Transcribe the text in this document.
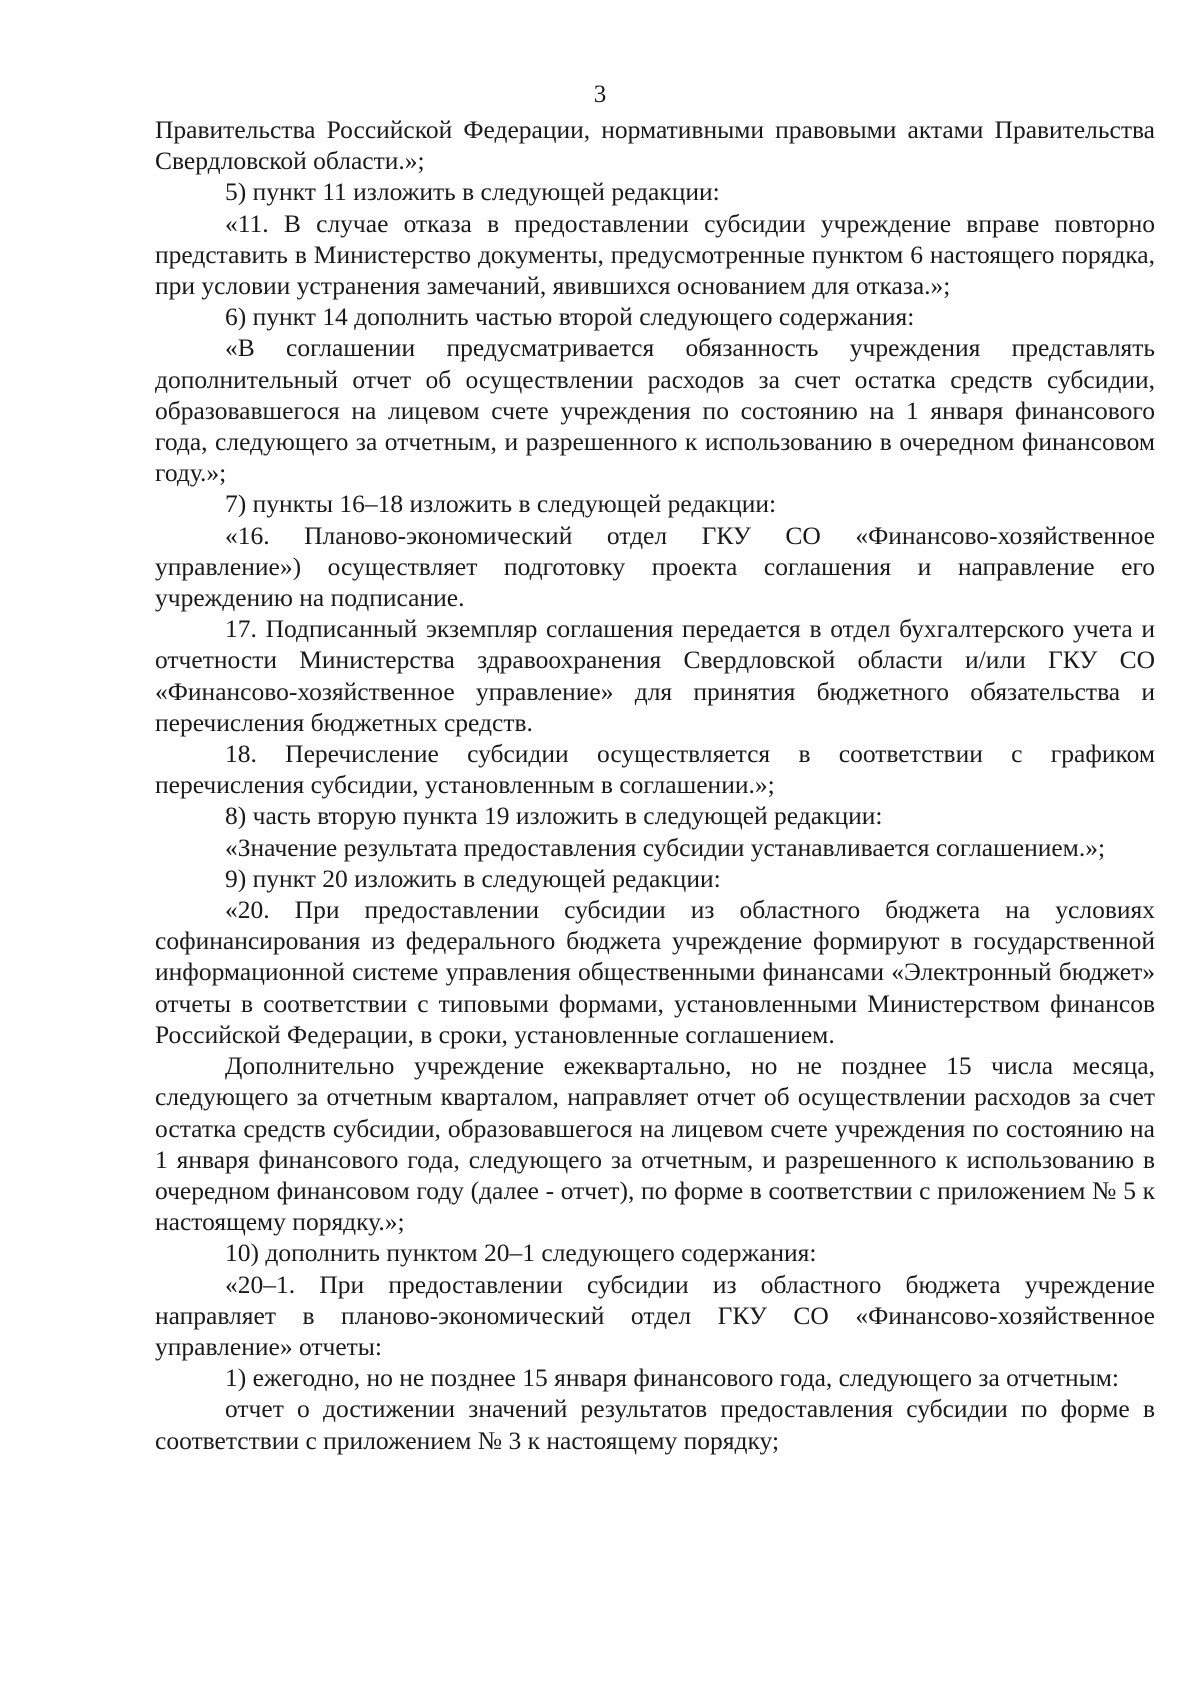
3

Правительства Российской Федерации, нормативными правовыми актами Правительства Свердловской области.»;

5) пункт 11 изложить в следующей редакции:

«11. В случае отказа в предоставлении субсидии учреждение вправе повторно представить в Министерство документы, предусмотренные пунктом 6 настоящего порядка, при условии устранения замечаний, явившихся основанием для отказа.»;

6) пункт 14 дополнить частью второй следующего содержания:

«В соглашении предусматривается обязанность учреждения представлять дополнительный отчет об осуществлении расходов за счет остатка средств субсидии, образовавшегося на лицевом счете учреждения по состоянию на 1 января финансового года, следующего за отчетным, и разрешенного к использованию в очередном финансовом году.»;

7) пункты 16–18 изложить в следующей редакции:

«16. Планово-экономический отдел ГКУ СО «Финансово-хозяйственное управление») осуществляет подготовку проекта соглашения и направление его учреждению на подписание.

17. Подписанный экземпляр соглашения передается в отдел бухгалтерского учета и отчетности Министерства здравоохранения Свердловской области и/или ГКУ СО «Финансово-хозяйственное управление» для принятия бюджетного обязательства и перечисления бюджетных средств.

18. Перечисление субсидии осуществляется в соответствии с графиком перечисления субсидии, установленным в соглашении.»;

8) часть вторую пункта 19 изложить в следующей редакции:

«Значение результата предоставления субсидии устанавливается соглашением.»;

9) пункт 20 изложить в следующей редакции:

«20. При предоставлении субсидии из областного бюджета на условиях софинансирования из федерального бюджета учреждение формируют в государственной информационной системе управления общественными финансами «Электронный бюджет» отчеты в соответствии с типовыми формами, установленными Министерством финансов Российской Федерации, в сроки, установленные соглашением.

Дополнительно учреждение ежеквартально, но не позднее 15 числа месяца, следующего за отчетным кварталом, направляет отчет об осуществлении расходов за счет остатка средств субсидии, образовавшегося на лицевом счете учреждения по состоянию на 1 января финансового года, следующего за отчетным, и разрешенного к использованию в очередном финансовом году (далее - отчет), по форме в соответствии с приложением № 5 к настоящему порядку.»;

10) дополнить пунктом 20–1 следующего содержания:

«20–1. При предоставлении субсидии из областного бюджета учреждение направляет в планово-экономический отдел ГКУ СО «Финансово-хозяйственное управление» отчеты:

1) ежегодно, но не позднее 15 января финансового года, следующего за отчетным:

отчет о достижении значений результатов предоставления субсидии по форме в соответствии с приложением № 3 к настоящему порядку;
